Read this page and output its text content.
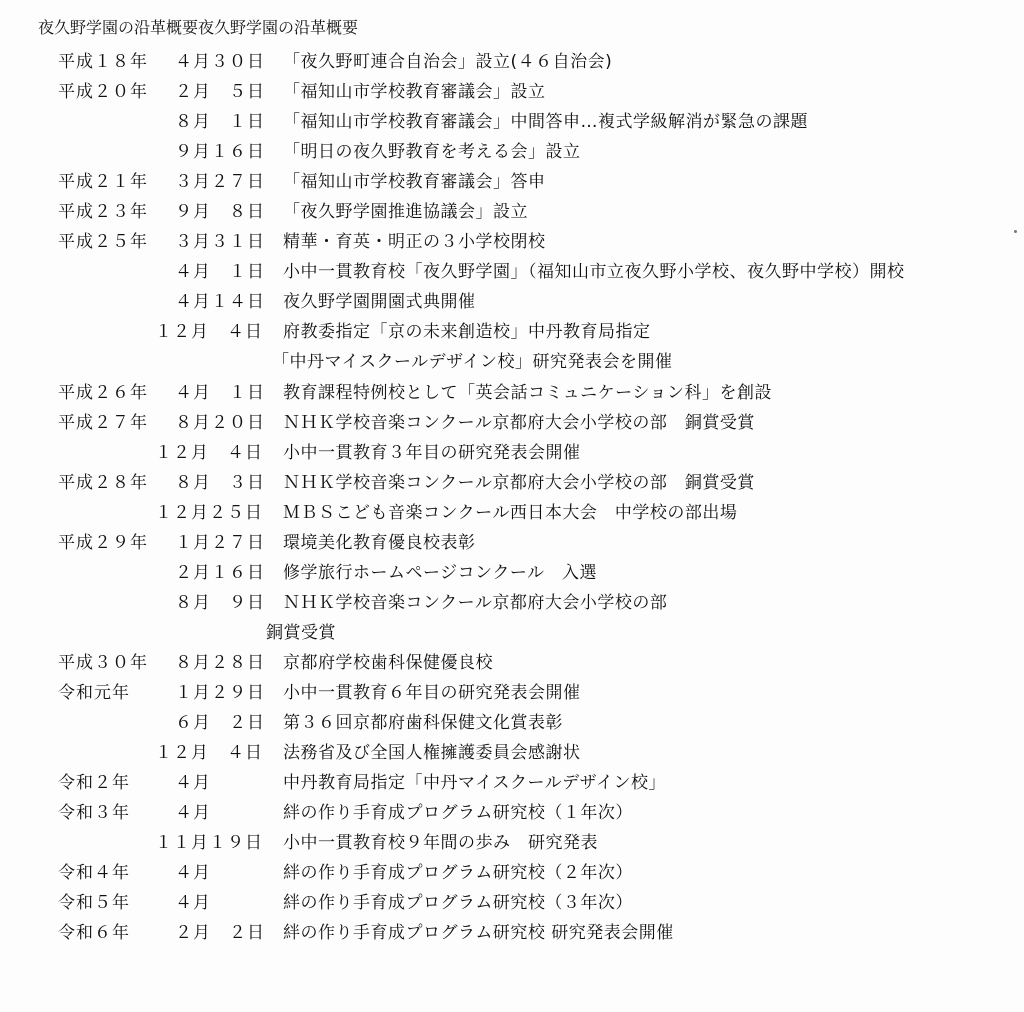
夜久野学園の沿革概要夜久野学園の沿革概要
平成１８年	４月３０日	「夜久野町連合自治会」設立(４６自治会)
平成２０年	２月　５日	「福知山市学校教育審議会」設立
８月　１日	「福知山市学校教育審議会」中間答申…複式学級解消が緊急の課題
９月１６日	「明日の夜久野教育を考える会」設立
平成２１年	３月２７日	「福知山市学校教育審議会」答申
平成２３年	９月　８日	「夜久野学園推進協議会」設立
平成２５年	３月３１日	精華・育英・明正の３小学校閉校
４月　１日	小中一貫教育校「夜久野学園」（福知山市立夜久野小学校、夜久野中学校）開校
４月１４日	夜久野学園開園式典開催
１２月　４日 府教委指定「京の未来創造校」中丹教育局指定
「中丹マイスクールデザイン校」研究発表会を開催
平成２６年	４月　１日	教育課程特例校として「英会話コミュニケーション科」を創設
平成２７年	８月２０日	ＮＨＫ学校音楽コンクール京都府大会小学校の部　銅賞受賞
１２月　４日 小中一貫教育３年目の研究発表会開催
平成２８年	８月　３日	ＮＨＫ学校音楽コンクール京都府大会小学校の部　銅賞受賞
１２月２５日 ＭＢＳこども音楽コンクール西日本大会　中学校の部出場
平成２９年	１月２７日	環境美化教育優良校表彰
２月１６日	修学旅行ホームページコンクール　入選
８月　９日	ＮＨＫ学校音楽コンクール京都府大会小学校の部
銅賞受賞
平成３０年	８月２８日	京都府学校歯科保健優良校
令和元年	１月２９日	小中一貫教育６年目の研究発表会開催
６月　２日	第３６回京都府歯科保健文化賞表彰
１２月　４日 法務省及び全国人権擁護委員会感謝状
令和２年	４月	中丹教育局指定「中丹マイスクールデザイン校」
令和３年	４月	絆の作り手育成プログラム研究校（１年次）
１１月１９日 小中一貫教育校９年間の歩み　研究発表
令和４年	４月	絆の作り手育成プログラム研究校（２年次）
令和５年	４月	絆の作り手育成プログラム研究校（３年次）
令和６年	２月　２日	絆の作り手育成プログラム研究校 研究発表会開催
